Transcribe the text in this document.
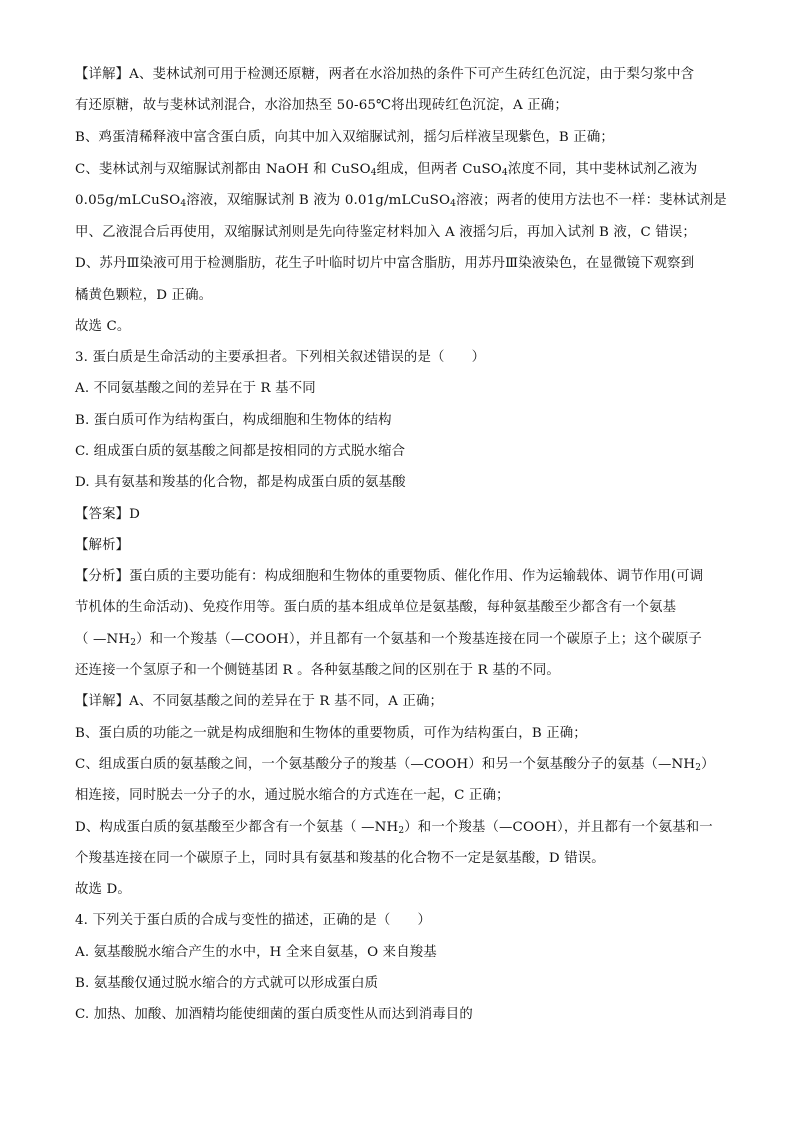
【详解】A、斐林试剂可用于检测还原糖，两者在水浴加热的条件下可产生砖红色沉淀，由于梨匀浆中含
有还原糖，故与斐林试剂混合，水浴加热至 50-65℃将出现砖红色沉淀，A 正确；
B、鸡蛋清稀释液中富含蛋白质，向其中加入双缩脲试剂，摇匀后样液呈现紫色，B 正确；
C、斐林试剂与双缩脲试剂都由 NaOH 和 CuSO$_4$组成，但两者 CuSO$_4$浓度不同，其中斐林试剂乙液为
0.05g/mLCuSO$_4$溶液，双缩脲试剂 B 液为 0.01g/mLCuSO$_4$溶液；两者的使用方法也不一样：斐林试剂是
甲、乙液混合后再使用，双缩脲试剂则是先向待鉴定材料加入 A 液摇匀后，再加入试剂 B 液，C 错误；
D、苏丹Ⅲ染液可用于检测脂肪，花生子叶临时切片中富含脂肪，用苏丹Ⅲ染液染色，在显微镜下观察到
橘黄色颗粒，D 正确。
故选 C。
3. 蛋白质是生命活动的主要承担者。下列相关叙述错误的是（　　）
A. 不同氨基酸之间的差异在于 R 基不同
B. 蛋白质可作为结构蛋白，构成细胞和生物体的结构
C. 组成蛋白质的氨基酸之间都是按相同的方式脱水缩合
D. 具有氨基和羧基的化合物，都是构成蛋白质的氨基酸
【答案】D
【解析】
【分析】蛋白质的主要功能有：构成细胞和生物体的重要物质、催化作用、作为运输载体、调节作用(可调
节机体的生命活动)、免疫作用等。蛋白质的基本组成单位是氨基酸，每种氨基酸至少都含有一个氨基
（ $—NH_2$）和一个羧基（—COOH），并且都有一个氨基和一个羧基连接在同一个碳原子上；这个碳原子
还连接一个氢原子和一个侧链基团 R 。各种氨基酸之间的区别在于 R 基的不同。
【详解】A、不同氨基酸之间的差异在于 R 基不同，A 正确；
B、蛋白质的功能之一就是构成细胞和生物体的重要物质，可作为结构蛋白，B 正确；
C、组成蛋白质的氨基酸之间，一个氨基酸分子的羧基（—COOH）和另一个氨基酸分子的氨基$(—NH_2)$
相连接，同时脱去一分子的水，通过脱水缩合的方式连在一起，C 正确；
D、构成蛋白质的氨基酸至少都含有一个氨基（ $—NH_2$）和一个羧基（—COOH），并且都有一个氨基和一
个羧基连接在同一个碳原子上，同时具有氨基和羧基的化合物不一定是氨基酸，D 错误。
故选 D。
4. 下列关于蛋白质的合成与变性的描述，正确的是（　　）
A. 氨基酸脱水缩合产生的水中，H 全来自氨基，O 来自羧基
B. 氨基酸仅通过脱水缩合的方式就可以形成蛋白质
C. 加热、加酸、加酒精均能使细菌的蛋白质变性从而达到消毒目的
